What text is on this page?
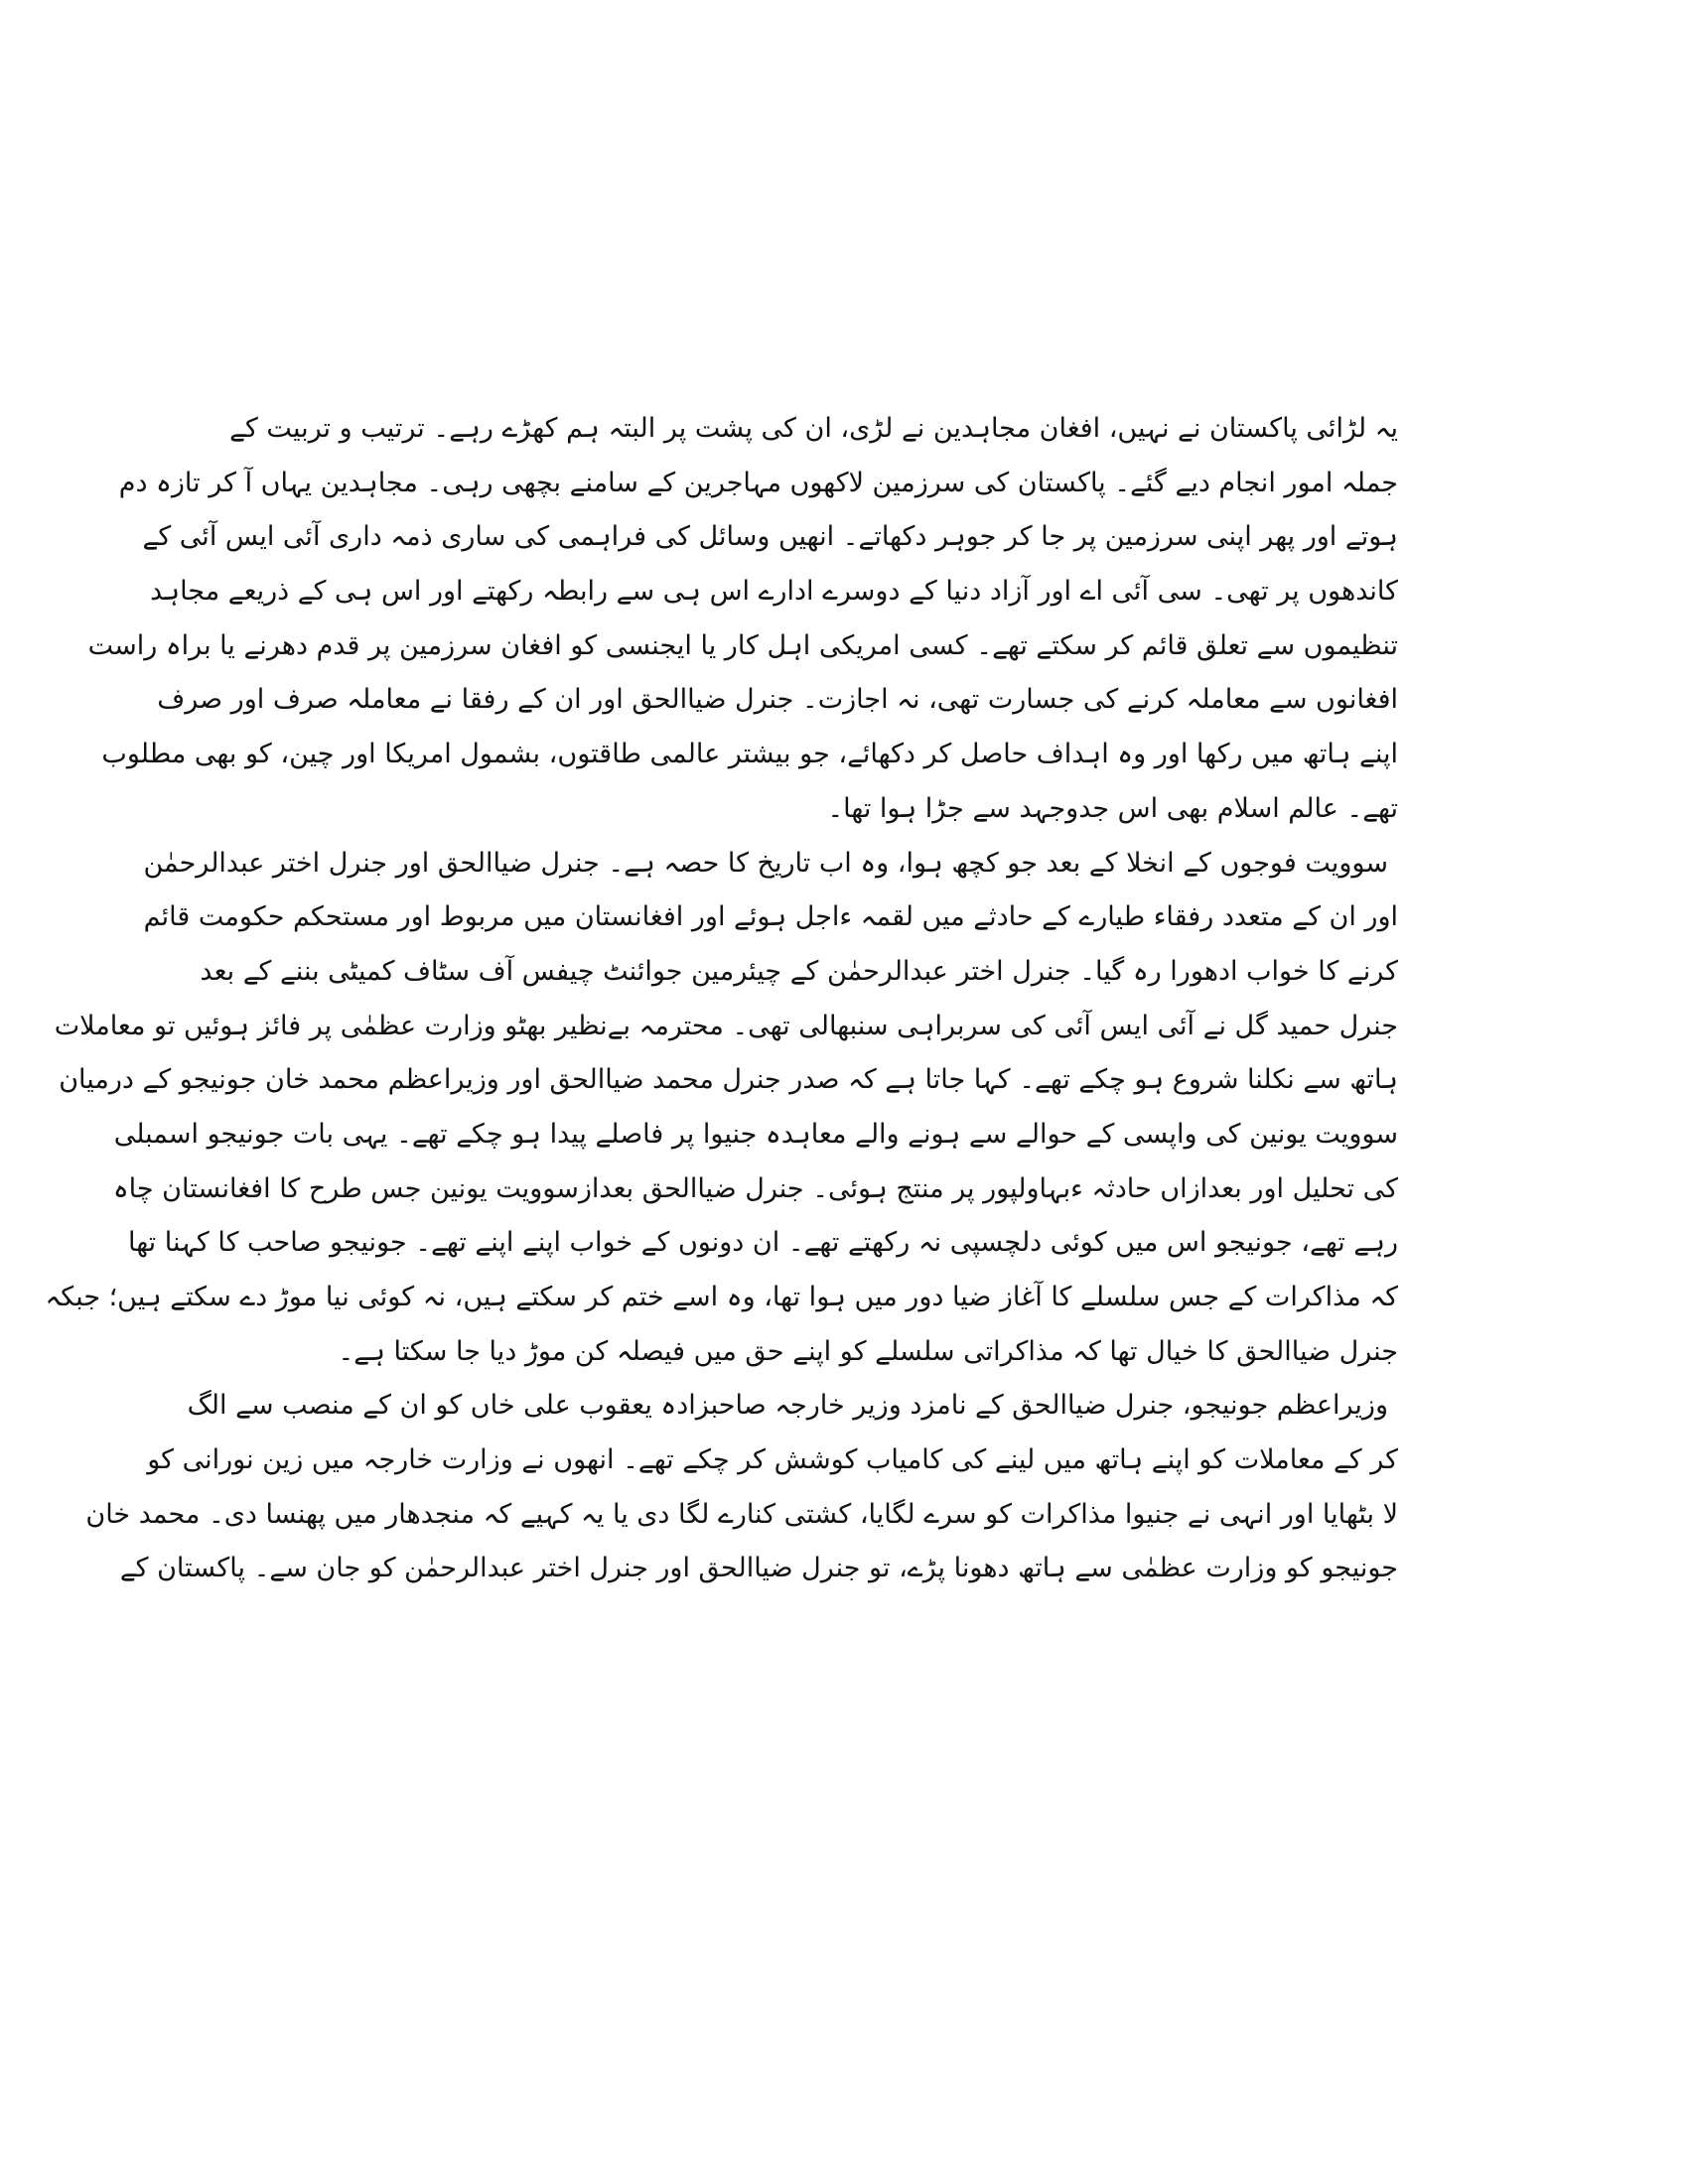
یہ لڑائی پاکستان نے نہیں، افغان مجاہدین نے لڑی، ان کی پشت پر البتہ ہم کھڑے رہے۔ ترتیب و تربیت کے
جملہ امور انجام دیے گئے۔ پاکستان کی سرزمین لاکھوں مہاجرین کے سامنے بچھی رہی۔ مجاہدین یہاں آ کر تازہ دم
ہوتے اور پھر اپنی سرزمین پر جا کر جوہر دکھاتے۔ انھیں وسائل کی فراہمی کی ساری ذمہ داری آئی ایس آئی کے
کاندھوں پر تھی۔ سی آئی اے اور آزاد دنیا کے دوسرے ادارے اس ہی سے رابطہ رکھتے اور اس ہی کے ذریعے مجاہد
تنظیموں سے تعلق قائم کر سکتے تھے۔ کسی امریکی اہل کار یا ایجنسی کو افغان سرزمین پر قدم دھرنے یا براہ راست
افغانوں سے معاملہ کرنے کی جسارت تھی، نہ اجازت۔ جنرل ضیاالحق اور ان کے رفقا نے معاملہ صرف اور صرف
اپنے ہاتھ میں رکھا اور وہ اہداف حاصل کر دکھائے، جو بیشتر عالمی طاقتوں، بشمول امریکا اور چین، کو بھی مطلوب
تھے۔ عالم اسلام بھی اس جدوجہد سے جڑا ہوا تھا۔
سوویت فوجوں کے انخلا کے بعد جو کچھ ہوا، وہ اب تاریخ کا حصہ ہے۔ جنرل ضیاالحق اور جنرل اختر عبدالرحمٰن
اور ان کے متعدد رفقاء طیارے کے حادثے میں لقمہ ءاجل ہوئے اور افغانستان میں مربوط اور مستحکم حکومت قائم
کرنے کا خواب ادھورا رہ گیا۔ جنرل اختر عبدالرحمٰن کے چیئرمین جوائنٹ چیفس آف سٹاف کمیٹی بننے کے بعد
جنرل حمید گل نے آئی ایس آئی کی سربراہی سنبھالی تھی۔ محترمہ بےنظیر بھٹو وزارت عظمٰی پر فائز ہوئیں تو معاملات
ہاتھ سے نکلنا شروع ہو چکے تھے۔ کہا جاتا ہے کہ صدر جنرل محمد ضیاالحق اور وزیراعظم محمد خان جونیجو کے درمیان
سوویت یونین کی واپسی کے حوالے سے ہونے والے معاہدہ جنیوا پر فاصلے پیدا ہو چکے تھے۔ یہی بات جونیجو اسمبلی
کی تحلیل اور بعدازاں حادثہ ءبہاولپور پر منتج ہوئی۔ جنرل ضیاالحق بعدازسوویت یونین جس طرح کا افغانستان چاہ
رہے تھے، جونیجو اس میں کوئی دلچسپی نہ رکھتے تھے۔ ان دونوں کے خواب اپنے اپنے تھے۔ جونیجو صاحب کا کہنا تھا
کہ مذاکرات کے جس سلسلے کا آغاز ضیا دور میں ہوا تھا، وہ اسے ختم کر سکتے ہیں، نہ کوئی نیا موڑ دے سکتے ہیں؛ جبکہ
جنرل ضیاالحق کا خیال تھا کہ مذاکراتی سلسلے کو اپنے حق میں فیصلہ کن موڑ دیا جا سکتا ہے۔
وزیراعظم جونیجو، جنرل ضیاالحق کے نامزد وزیر خارجہ صاحبزادہ یعقوب علی خاں کو ان کے منصب سے الگ
کر کے معاملات کو اپنے ہاتھ میں لینے کی کامیاب کوشش کر چکے تھے۔ انھوں نے وزارت خارجہ میں زین نورانی کو
لا بٹھایا اور انہی نے جنیوا مذاکرات کو سرے لگایا، کشتی کنارے لگا دی یا یہ کہیے کہ منجدھار میں پھنسا دی۔ محمد خان
جونیجو کو وزارت عظمٰی سے ہاتھ دھونا پڑے، تو جنرل ضیاالحق اور جنرل اختر عبدالرحمٰن کو جان سے۔ پاکستان کے
